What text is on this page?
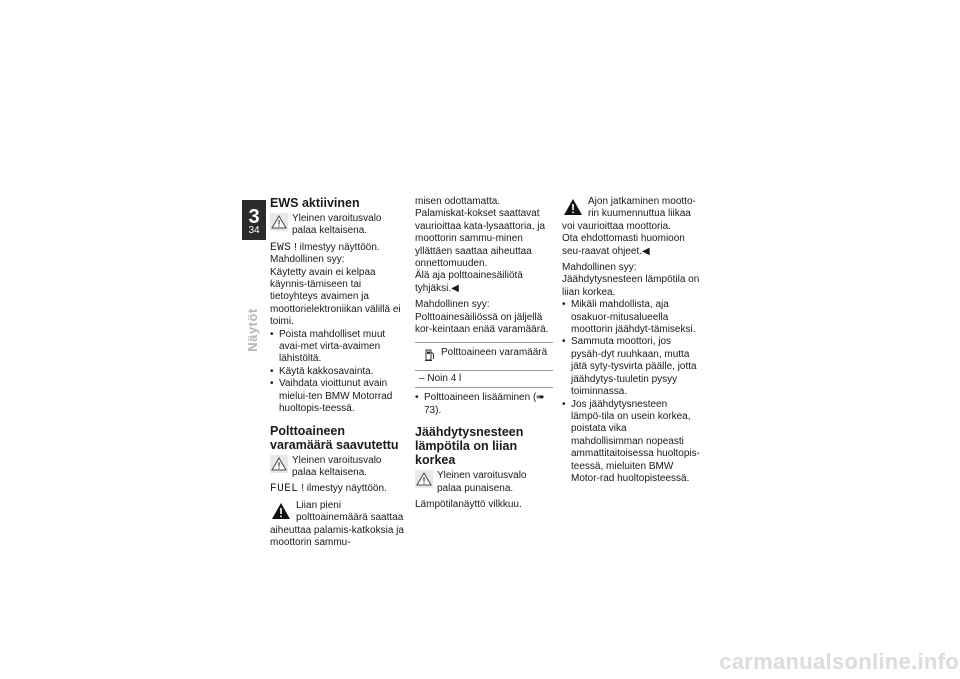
3
34
Näytöt
EWS aktiivinen

Yleinen varoitusvalo palaa keltaisena.

EWS ! ilmestyy näyttöön.

Mahdollinen syy:

Käytetty avain ei kelpaa käynnis-tämiseen tai tietoyhteys avaimen ja moottorielektroniikan välillä ei toimi.

• Poista mahdolliset muut avai-met virta-avaimen lähistöltä.
• Käytä kakkosavainta.
• Vaihdata vioittunut avain mielui-ten BMW Motorrad huoltopis-teessä.
Polttoaineen varamäärä saavutettu

Yleinen varoitusvalo palaa keltaisena.

FUEL ! ilmestyy näyttöön.

Liian pieni polttoainemäärä saattaa aiheuttaa palamis-katkoksia ja moottorin sammu-

misen odottamatta. Palamiskat-kokset saattavat vaurioittaa kata-lysaattoria, ja moottorin sammu-minen yllättäen saattaa aiheuttaa onnettomuuden.

Älä aja polttoainesäiliötä tyhjäksi.◀

Mahdollinen syy:

Polttoainesäiliössä on jäljellä kor-keintaan enää varamäärä.

Polttoaineen varamäärä
– Noin 4 l
• Polttoaineen lisääminen (➠ 73).
Jäähdytysnesteen lämpötila on liian korkea

Yleinen varoitusvalo palaa punaisena.

Lämpötilanäyttö vilkkuu.

Ajon jatkaminen mootto-rin kuumennuttua liikaa voi vaurioittaa moottoria.

Ota ehdottomasti huomioon seu-raavat ohjeet.◀

Mahdollinen syy:

Jäähdytysnesteen lämpötila on liian korkea.

• Mikäli mahdollista, aja osakuor-mitusalueella moottorin jäähdyt-tämiseksi.
• Sammuta moottori, jos pysäh-dyt ruuhkaan, mutta jätä syty-tysvirta päälle, jotta jäähdytys-tuuletin pysyy toiminnassa.
• Jos jäähdytysnesteen lämpö-tila on usein korkea, poistata vika mahdollisimman nopeasti ammattitaitoisessa huoltopis-teessä, mieluiten BMW Motor-rad huoltopisteessä.
carmanualsonline.info
